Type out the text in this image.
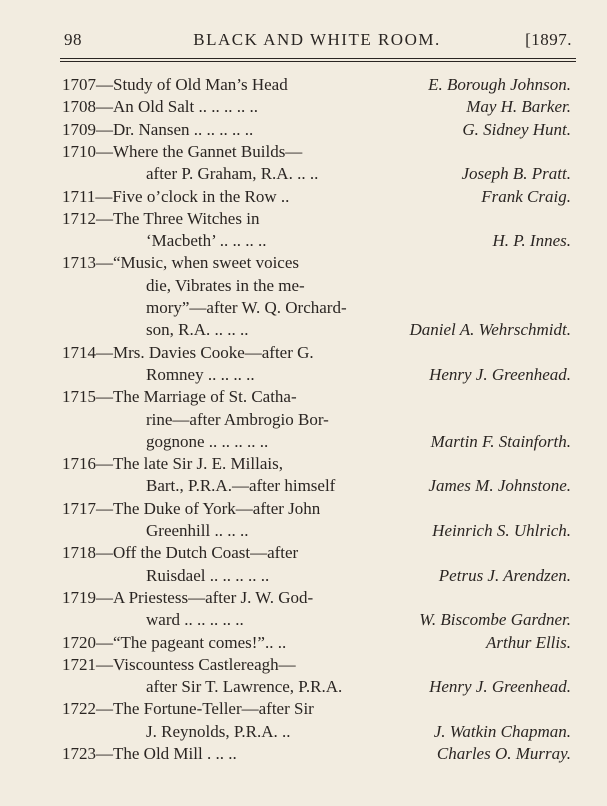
98	BLACK AND WHITE ROOM.	[1897.
1707—Study of Old Man’s Head	E. Borough Johnson.
1708—An Old Salt .. .. .. .. ..	May H. Barker.
1709—Dr. Nansen .. .. .. .. ..	G. Sidney Hunt.
1710—Where the Gannet Builds—
after P. Graham, R.A. .. ..	Joseph B. Pratt.
1711—Five o’clock in the Row ..	Frank Craig.
1712—The Three Witches in
‘Macbeth’ .. .. .. ..	H. P. Innes.
1713—“Music, when sweet voices
die, Vibrates in the me-
mory”—after W. Q. Orchard-
son, R.A. .. .. ..	Daniel A. Wehrschmidt.
1714—Mrs. Davies Cooke—after G.
Romney .. .. .. ..	Henry J. Greenhead.
1715—The Marriage of St. Catha-
rine—after Ambrogio Bor-
gognone .. .. .. .. ..	Martin F. Stainforth.
1716—The late Sir J. E. Millais,
Bart., P.R.A.—after himself	James M. Johnstone.
1717—The Duke of York—after John
Greenhill .. .. ..	Heinrich S. Uhlrich.
1718—Off the Dutch Coast—after
Ruisdael .. .. .. .. ..	Petrus J. Arendzen.
1719—A Priestess—after J. W. God-
ward .. .. .. .. ..	W. Biscombe Gardner.
1720—“The pageant comes!”.. ..	Arthur Ellis.
1721—Viscountess Castlereagh—
after Sir T. Lawrence, P.R.A.	Henry J. Greenhead.
1722—The Fortune-Teller—after Sir
J. Reynolds, P.R.A. ..	J. Watkin Chapman.
1723—The Old Mill . .. ..	Charles O. Murray.
